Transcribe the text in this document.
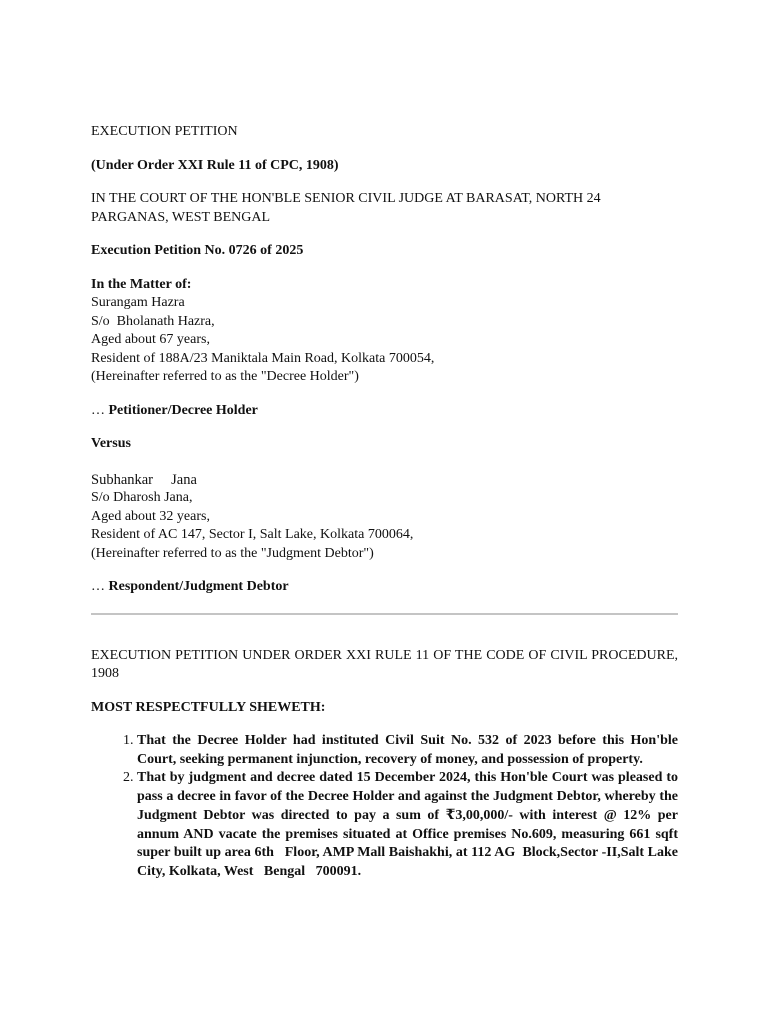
EXECUTION PETITION

(Under Order XXI Rule 11 of CPC, 1908)

IN THE COURT OF THE HON'BLE SENIOR CIVIL JUDGE AT BARASAT, NORTH 24 PARGANAS, WEST BENGAL

Execution Petition No. 0726 of 2025

In the Matter of:

Surangam Hazra

S/o  Bholanath Hazra,

Aged about 67 years,

Resident of 188A/23 Maniktala Main Road, Kolkata 700054,

(Hereinafter referred to as the "Decree Holder")

… Petitioner/Decree Holder

Versus

Subhankar     Jana

S/o Dharosh Jana,

Aged about 32 years,

Resident of AC 147, Sector I, Salt Lake, Kolkata 700064,

(Hereinafter referred to as the "Judgment Debtor")

… Respondent/Judgment Debtor

EXECUTION PETITION UNDER ORDER XXI RULE 11 OF THE CODE OF CIVIL PROCEDURE, 1908

MOST RESPECTFULLY SHEWETH:

1. That the Decree Holder had instituted Civil Suit No. 532 of 2023 before this Hon'ble Court, seeking permanent injunction, recovery of money, and possession of property.
2. That by judgment and decree dated 15 December 2024, this Hon'ble Court was pleased to pass a decree in favor of the Decree Holder and against the Judgment Debtor, whereby the Judgment Debtor was directed to pay a sum of ₹3,00,000/- with interest @ 12% per annum AND vacate the premises situated at Office premises No.609, measuring 661 sqft super built up area 6th   Floor, AMP Mall Baishakhi, at 112 AG  Block,Sector -II,Salt Lake   City, Kolkata, West   Bengal   700091.
